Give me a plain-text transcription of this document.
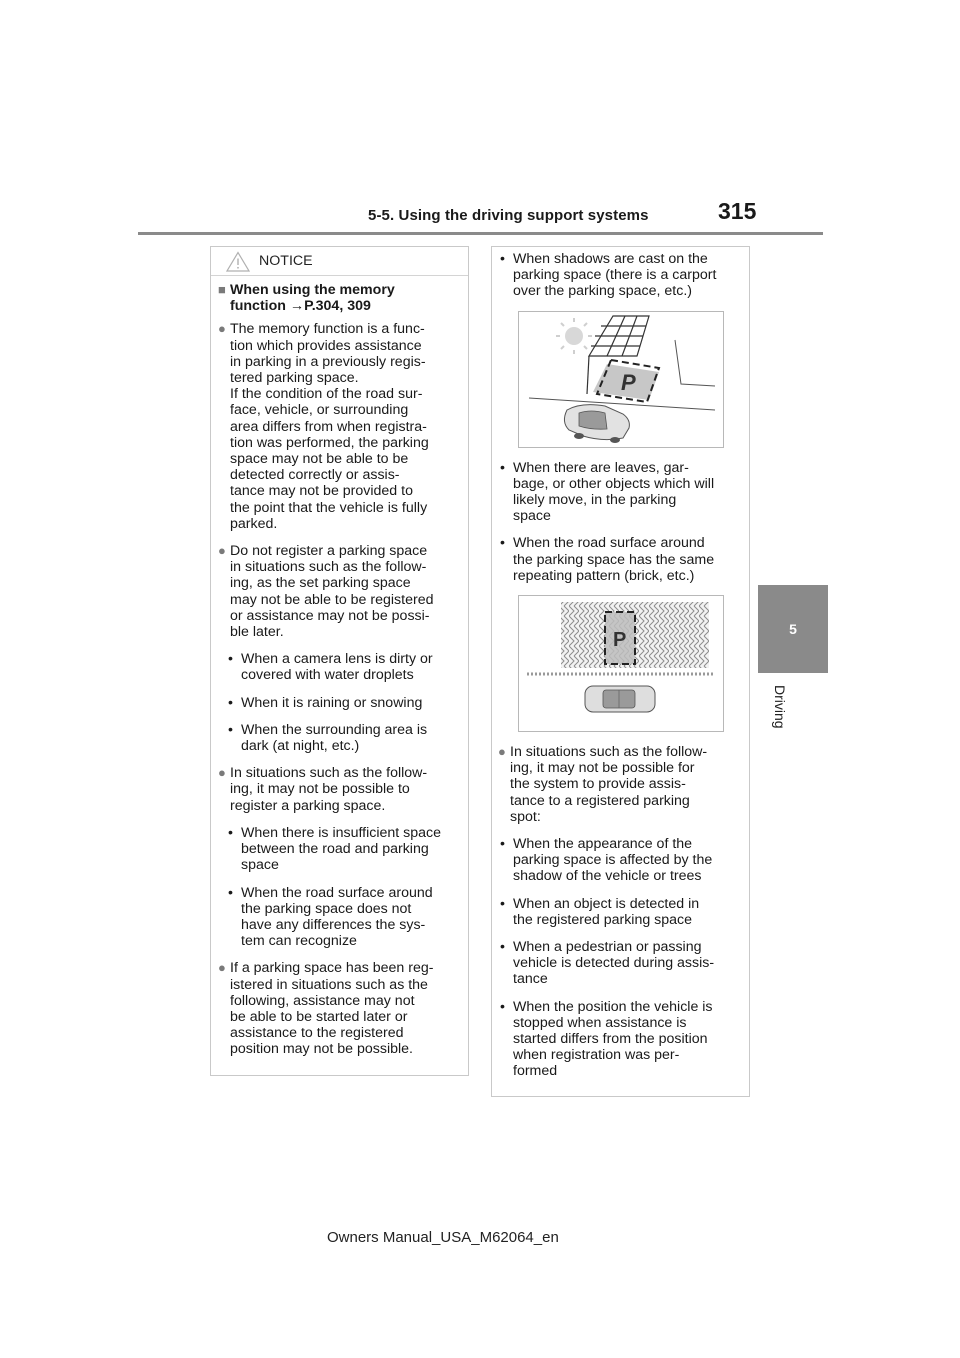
5-5. Using the driving support systems	315
5
Driving
NOTICE
■ When using the memory
function →P.304, 309
● The memory function is a func-
tion which provides assistance
in parking in a previously regis-
tered parking space.
If the condition of the road sur-
face, vehicle, or surrounding
area differs from when registra-
tion was performed, the parking
space may not be able to be
detected correctly or assis-
tance may not be provided to
the point that the vehicle is fully
parked.
● Do not register a parking space
in situations such as the follow-
ing, as the set parking space
may not be able to be registered
or assistance may not be possi-
ble later.
• When a camera lens is dirty or
covered with water droplets
• When it is raining or snowing
• When the surrounding area is
dark (at night, etc.)
● In situations such as the follow-
ing, it may not be possible to
register a parking space.
• When there is insufficient space
between the road and parking
space
• When the road surface around
the parking space does not
have any differences the sys-
tem can recognize
● If a parking space has been reg-
istered in situations such as the
following, assistance may not
be able to be started later or
assistance to the registered
position may not be possible.
• When shadows are cast on the
parking space (there is a carport
over the parking space, etc.)
P
• When there are leaves, gar-
bage, or other objects which will
likely move, in the parking
space
• When the road surface around
the parking space has the same
repeating pattern (brick, etc.)
P
● In situations such as the follow-
ing, it may not be possible for
the system to provide assis-
tance to a registered parking
spot:
• When the appearance of the
parking space is affected by the
shadow of the vehicle or trees
• When an object is detected in
the registered parking space
• When a pedestrian or passing
vehicle is detected during assis-
tance
• When the position the vehicle is
stopped when assistance is
started differs from the position
when registration was per-
formed
Owners Manual_USA_M62064_en
